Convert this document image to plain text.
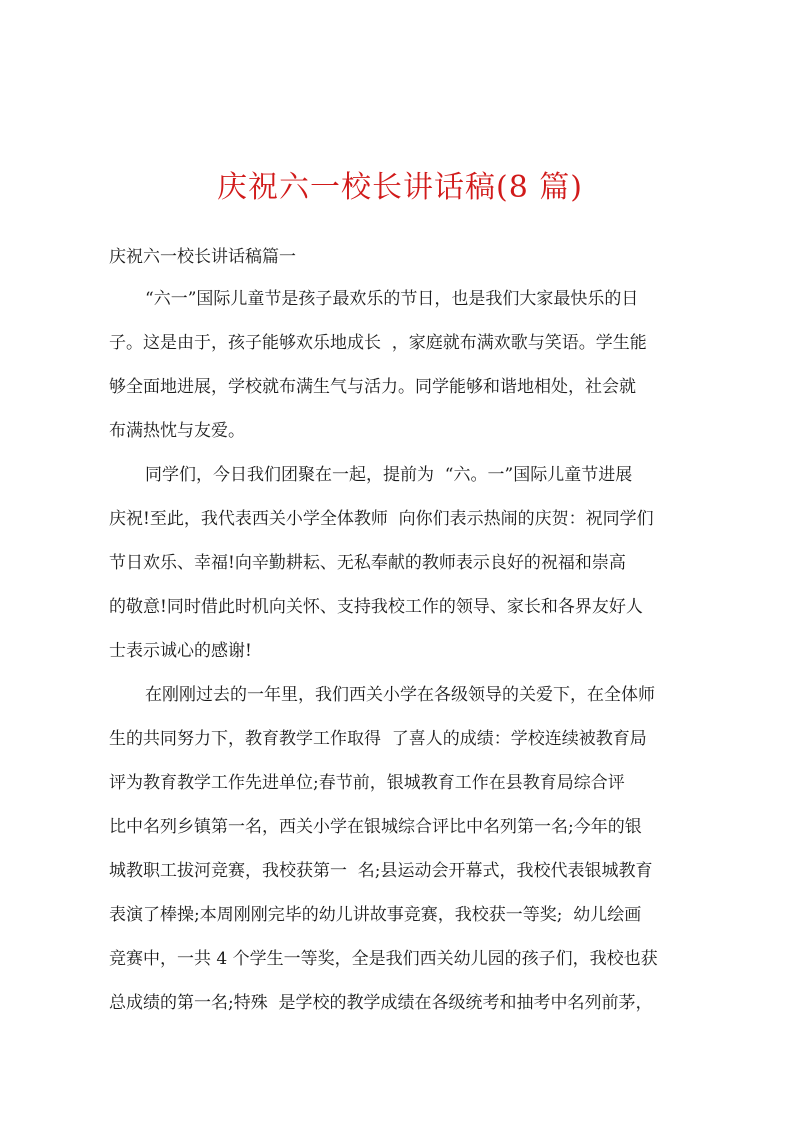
庆祝六一校长讲话稿(8 篇)
庆祝六一校长讲话稿篇一
“六一”国际儿童节是孩子最欢乐的节日，也是我们大家最快乐的日
子。这是由于，孩子能够欢乐地成长  ，家庭就布满欢歌与笑语。学生能
够全面地进展，学校就布满生气与活力。同学能够和谐地相处，社会就
布满热忱与友爱。
同学们，今日我们团聚在一起，提前为  “六。一”国际儿童节进展
庆祝!至此，我代表西关小学全体教师  向你们表示热闹的庆贺：祝同学们
节日欢乐、幸福!向辛勤耕耘、无私奉献的教师表示良好的祝福和崇高
的敬意!同时借此时机向关怀、支持我校工作的领导、家长和各界友好人
士表示诚心的感谢!
在刚刚过去的一年里，我们西关小学在各级领导的关爱下，在全体师
生的共同努力下，教育教学工作取得  了喜人的成绩：学校连续被教育局
评为教育教学工作先进单位;春节前，银城教育工作在县教育局综合评
比中名列乡镇第一名，西关小学在银城综合评比中名列第一名;今年的银
城教职工拔河竞赛，我校获第一  名;县运动会开幕式，我校代表银城教育
表演了棒操;本周刚刚完毕的幼儿讲故事竞赛，我校获一等奖;  幼儿绘画
竞赛中，一共 4 个学生一等奖，全是我们西关幼儿园的孩子们，我校也获
总成绩的第一名;特殊  是学校的教学成绩在各级统考和抽考中名列前茅，
